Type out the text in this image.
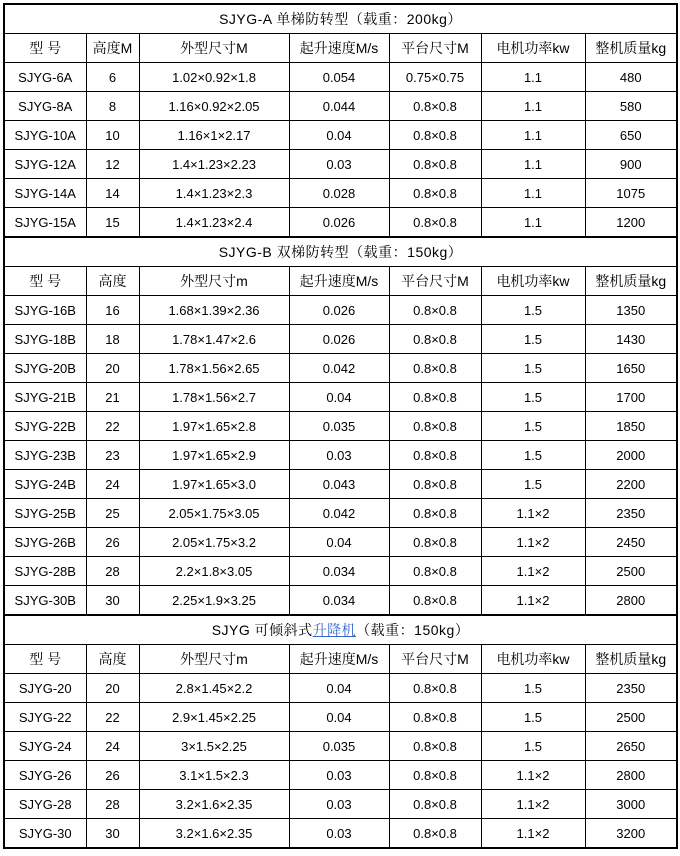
SJYG-A 单梯防转型（载重：200kg）						
型 号	高度M	外型尺寸M	起升速度M/s	平台尺寸M	电机功率kw	整机质量kg
SJYG-6A	6	1.02×0.92×1.8	0.054	0.75×0.75	1.1	480
SJYG-8A	8	1.16×0.92×2.05	0.044	0.8×0.8	1.1	580
SJYG-10A	10	1.16×1×2.17	0.04	0.8×0.8	1.1	650
SJYG-12A	12	1.4×1.23×2.23	0.03	0.8×0.8	1.1	900
SJYG-14A	14	1.4×1.23×2.3	0.028	0.8×0.8	1.1	1075
SJYG-15A	15	1.4×1.23×2.4	0.026	0.8×0.8	1.1	1200
SJYG-B 双梯防转型（载重：150kg）						
型 号	高度	外型尺寸m	起升速度M/s	平台尺寸M	电机功率kw	整机质量kg
SJYG-16B	16	1.68×1.39×2.36	0.026	0.8×0.8	1.5	1350
SJYG-18B	18	1.78×1.47×2.6	0.026	0.8×0.8	1.5	1430
SJYG-20B	20	1.78×1.56×2.65	0.042	0.8×0.8	1.5	1650
SJYG-21B	21	1.78×1.56×2.7	0.04	0.8×0.8	1.5	1700
SJYG-22B	22	1.97×1.65×2.8	0.035	0.8×0.8	1.5	1850
SJYG-23B	23	1.97×1.65×2.9	0.03	0.8×0.8	1.5	2000
SJYG-24B	24	1.97×1.65×3.0	0.043	0.8×0.8	1.5	2200
SJYG-25B	25	2.05×1.75×3.05	0.042	0.8×0.8	1.1×2	2350
SJYG-26B	26	2.05×1.75×3.2	0.04	0.8×0.8	1.1×2	2450
SJYG-28B	28	2.2×1.8×3.05	0.034	0.8×0.8	1.1×2	2500
SJYG-30B	30	2.25×1.9×3.25	0.034	0.8×0.8	1.1×2	2800
SJYG 可倾斜式升降机（载重：150kg）						
型 号	高度	外型尺寸m	起升速度M/s	平台尺寸M	电机功率kw	整机质量kg
SJYG-20	20	2.8×1.45×2.2	0.04	0.8×0.8	1.5	2350
SJYG-22	22	2.9×1.45×2.25	0.04	0.8×0.8	1.5	2500
SJYG-24	24	3×1.5×2.25	0.035	0.8×0.8	1.5	2650
SJYG-26	26	3.1×1.5×2.3	0.03	0.8×0.8	1.1×2	2800
SJYG-28	28	3.2×1.6×2.35	0.03	0.8×0.8	1.1×2	3000
SJYG-30	30	3.2×1.6×2.35	0.03	0.8×0.8	1.1×2	3200
